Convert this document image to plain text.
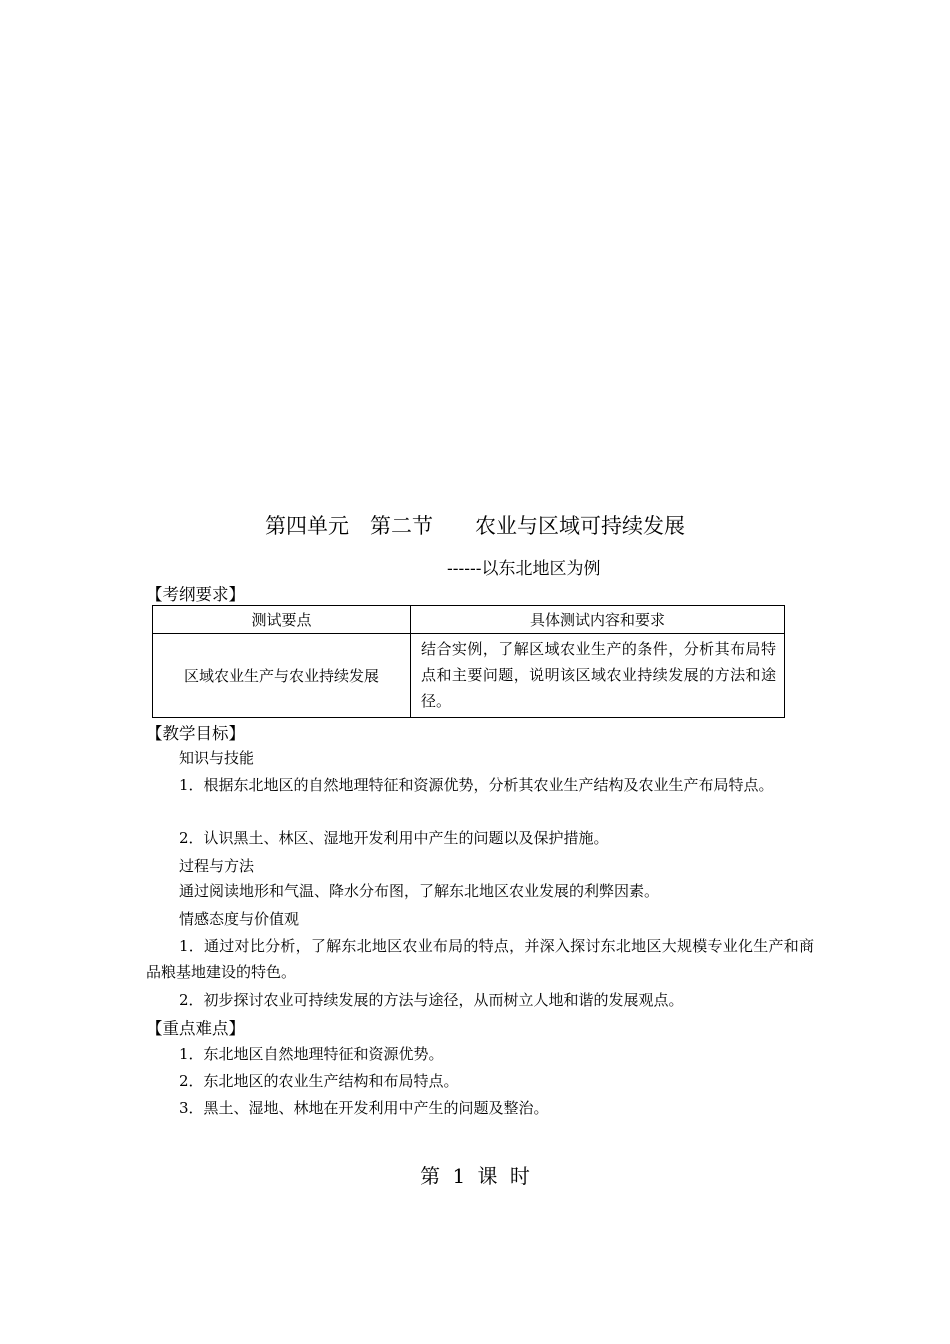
第四单元　第二节　　农业与区域可持续发展
------以东北地区为例
【考纲要求】
测试要点	具体测试内容和要求
区域农业生产与农业持续发展	结合实例，了解区域农业生产的条件，分析其布局特点和主要问题，说明该区域农业持续发展的方法和途径。
【教学目标】
知识与技能
1．根据东北地区的自然地理特征和资源优势，分析其农业生产结构及农业生产布局特点。
2．认识黑土、林区、湿地开发利用中产生的问题以及保护措施。
过程与方法
通过阅读地形和气温、降水分布图，了解东北地区农业发展的利弊因素。
情感态度与价值观
1．通过对比分析，了解东北地区农业布局的特点，并深入探讨东北地区大规模专业化生产和商品粮基地建设的特色。
2．初步探讨农业可持续发展的方法与途径，从而树立人地和谐的发展观点。
【重点难点】
1．东北地区自然地理特征和资源优势。
2．东北地区的农业生产结构和布局特点。
3．黑土、湿地、林地在开发利用中产生的问题及整治。
第 1 课 时
